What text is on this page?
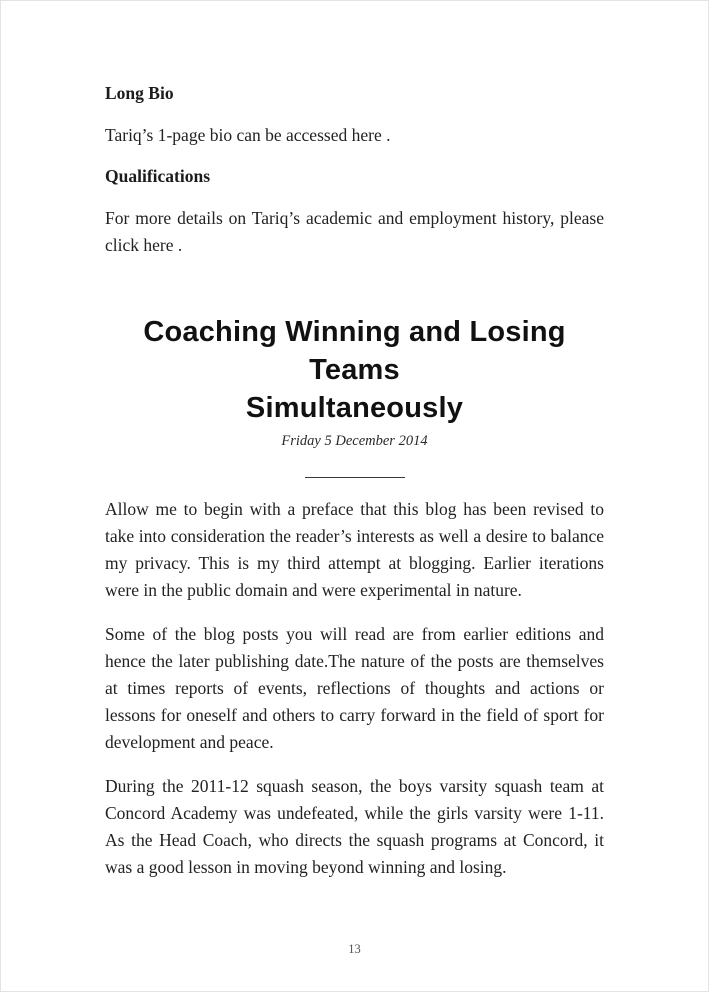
Long Bio

Tariq’s 1-page bio can be accessed here .

Qualifications

For more details on Tariq’s academic and employment history, please click here .

Coaching Winning and Losing Teams
Simultaneously
Friday 5 December 2014

Allow me to begin with a preface that this blog has been revised to take into consideration the reader’s interests as well a desire to balance my privacy. This is my third attempt at blogging. Earlier iterations were in the public domain and were experimental in nature.

Some of the blog posts you will read are from earlier editions and hence the later publishing date.The nature of the posts are themselves at times reports of events, reflections of thoughts and actions or lessons for oneself and others to carry forward in the field of sport for development and peace.

During the 2011-12 squash season, the boys varsity squash team at Concord Academy was undefeated, while the girls varsity were 1-11. As the Head Coach, who directs the squash programs at Concord, it was a good lesson in moving beyond winning and losing.

13
